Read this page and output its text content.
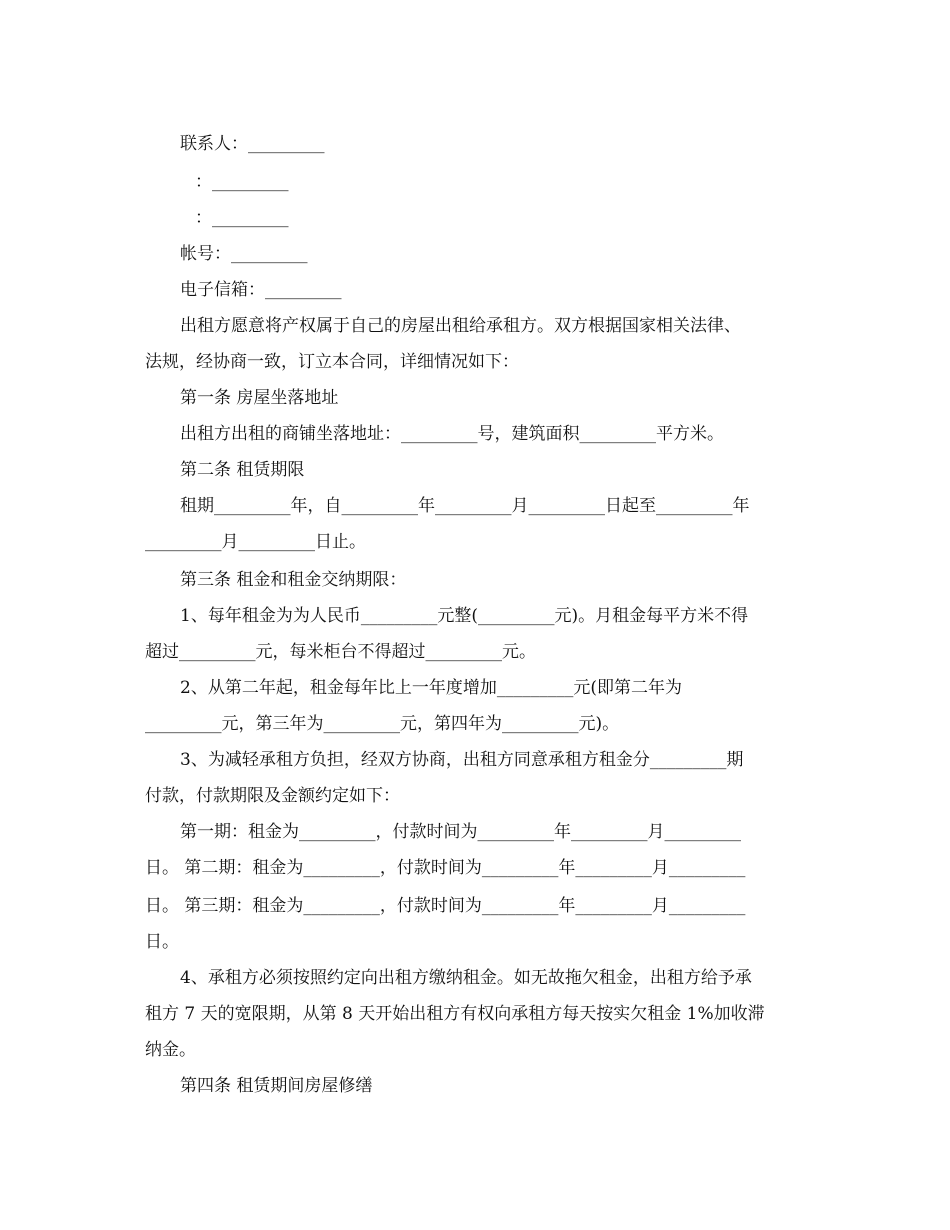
联系人：_________
：_________
：_________
帐号：_________
电子信箱：_________
出租方愿意将产权属于自己的房屋出租给承租方。双方根据国家相关法律、
法规，经协商一致，订立本合同，详细情况如下：
第一条 房屋坐落地址
出租方出租的商铺坐落地址：_________号，建筑面积_________平方米。
第二条 租赁期限
租期_________年，自_________年_________月_________日起至_________年
_________月_________日止。
第三条 租金和租金交纳期限：
1、每年租金为为人民币_________元整(_________元)。月租金每平方米不得
超过_________元，每米柜台不得超过_________元。
2、从第二年起，租金每年比上一年度增加_________元(即第二年为
_________元，第三年为_________元，第四年为_________元)。
3、为减轻承租方负担，经双方协商，出租方同意承租方租金分_________期
付款，付款期限及金额约定如下：
第一期：租金为_________，付款时间为_________年_________月_________
日。 第二期：租金为_________，付款时间为_________年_________月_________
日。 第三期：租金为_________，付款时间为_________年_________月_________
日。
4、承租方必须按照约定向出租方缴纳租金。如无故拖欠租金，出租方给予承
租方 7 天的宽限期，从第 8 天开始出租方有权向承租方每天按实欠租金 1%加收滞
纳金。
第四条 租赁期间房屋修缮
